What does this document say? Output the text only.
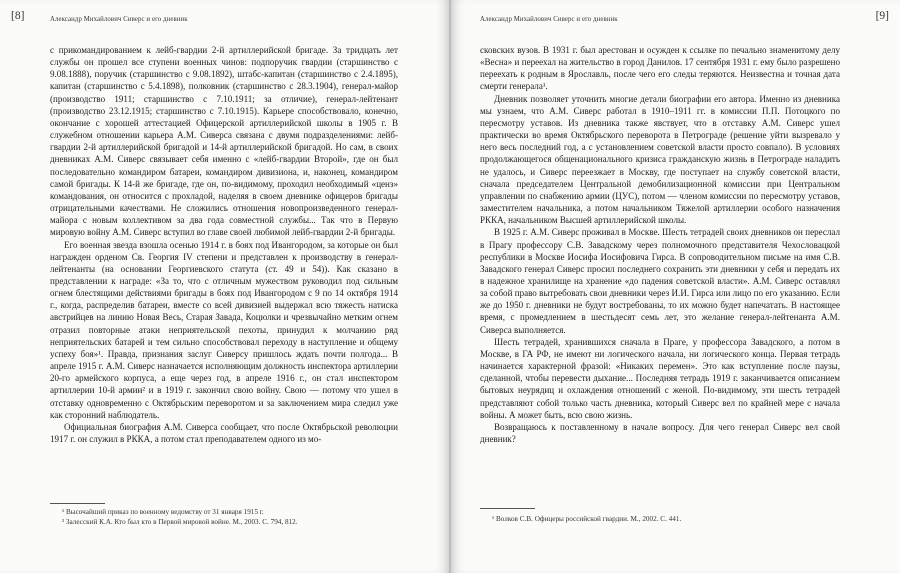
[8]	Александр Михайлович Сиверс и его дневник

с прикомандированием к лейб-гвардии 2-й артиллерийской бригаде. За тридцать лет службы он прошел все ступени военных чинов: подпоручик гвардии (старшинство с 9.08.1888), поручик (старшинство с 9.08.1892), штабс-капитан (старшинство с 2.4.1895), капитан (старшинство с 5.4.1898), полковник (старшинство с 28.3.1904), генерал-майор (производство 1911; старшинство с 7.10.1911; за отличие), генерал-лейтенант (производство 23.12.1915; старшинство с 7.10.1915). Карьере способствовало, конечно, окончание с хорошей аттестацией Офицерской артиллерийской школы в 1905 г. В служебном отношении карьера А.М. Сиверса связана с двумя подразделениями: лейб-гвардии 2-й артиллерийской бригадой и 14-й артиллерийской бригадой. Но сам, в своих дневниках А.М. Сиверс связывает себя именно с «лейб-гвардии Второй», где он был последовательно командиром батареи, командиром дивизиона, и, наконец, командиром самой бригады. К 14-й же бригаде, где он, по-видимому, проходил необходимый «ценз» командования, он относится с прохладой, наделяя в своем дневнике офицеров бригады отрицательными качествами. Не сложились отношения новопроизведенного генерал-майора с новым коллективом за два года совместной службы... Так что в Первую мировую войну А.М. Сиверс вступил во главе своей любимой лейб-гвардии 2-й бригады.

Его военная звезда взошла осенью 1914 г. в боях под Ивангородом, за которые он был награжден орденом Св. Георгия IV степени и представлен к производству в генерал-лейтенанты (на основании Георгиевского статута (ст. 49 и 54)). Как сказано в представлении к награде: «За то, что с отличным мужеством руководил под сильным огнем блестящими действиями бригады в боях под Ивангородом с 9 по 14 октября 1914 г., когда, распределив батареи, вместе со всей дивизией выдержал всю тяжесть натиска австрийцев на линию Новая Весь, Старая Завада, Коцюлки и чрезвычайно метким огнем отразил повторные атаки неприятельской пехоты, принудил к молчанию ряд неприятельских батарей и тем сильно способствовал переходу в наступление и общему успеху боя»¹. Правда, признания заслуг Сиверсу пришлось ждать почти полгода... В апреле 1915 г. А.М. Сиверс назначается исполняющим должность инспектора артиллерии 20-го армейского корпуса, а еще через год, в апреле 1916 г., он стал инспектором артиллерии 10-й армии² и в 1919 г. закончил свою войну. Свою — потому что ушел в отставку одновременно с Октябрьским переворотом и за заключением мира следил уже как сторонний наблюдатель.

Официальная биография А.М. Сиверса сообщает, что после Октябрьской революции 1917 г. он служил в РККА, а потом стал преподавателем одного из мо-

¹ Высочайший приказ по военному ведомству от 31 января 1915 г.

² Залесский К.А. Кто был кто в Первой мировой войне. М., 2003. С. 794, 812.

[9]
Александр Михайлович Сиверс и его дневник

сковских вузов. В 1931 г. был арестован и осужден к ссылке по печально знаменитому делу «Весна» и переехал на жительство в город Данилов. 17 сентября 1931 г. ему было разрешено переехать к родным в Ярославль, после чего его следы теряются. Неизвестна и точная дата смерти генерала¹.

Дневник позволяет уточнить многие детали биографии его автора. Именно из дневника мы узнаем, что А.М. Сиверс работал в 1910–1911 гг. в комиссии П.П. Потоцкого по пересмотру уставов. Из дневника также явствует, что в отставку А.М. Сиверс ушел практически во время Октябрьского переворота в Петрограде (решение уйти вызревало у него весь последний год, а с установлением советской власти просто совпало). В условиях продолжающегося общенационального кризиса гражданскую жизнь в Петрограде наладить не удалось, и Сиверс переезжает в Москву, где поступает на службу советской власти, сначала председателем Центральной демобилизационной комиссии при Центральном управлении по снабжению армии (ЦУС), потом — членом комиссии по пересмотру уставов, заместителем начальника, а потом начальником Тяжелой артиллерии особого назначения РККА, начальником Высшей артиллерийской школы.

В 1925 г. А.М. Сиверс проживал в Москве. Шесть тетрадей своих дневников он переслал в Прагу профессору С.В. Завадскому через полномочного представителя Чехословацкой республики в Москве Иосифа Иосифовича Гирса. В сопроводительном письме на имя С.В. Завадского генерал Сиверс просил последнего сохранить эти дневники у себя и передать их в надежное хранилище на хранение «до падения советской власти». А.М. Сиверс оставлял за собой право вытребовать свои дневники через И.И. Гирса или лицо по его указанию. Если же до 1950 г. дневники не будут востребованы, то их можно будет напечатать. В настоящее время, с промедлением в шестьдесят семь лет, это желание генерал-лейтенанта А.М. Сиверса выполняется.

Шесть тетрадей, хранившихся сначала в Праге, у профессора Завадского, а потом в Москве, в ГА РФ, не имеют ни логического начала, ни логического конца. Первая тетрадь начинается характерной фразой: «Никаких перемен». Это как вступление после паузы, сделанной, чтобы перевести дыхание... Последняя тетрадь 1919 г. заканчивается описанием бытовых неурядиц и охлаждения отношений с женой. По-видимому, эти шесть тетрадей представляют собой только часть дневника, который Сиверс вел по крайней мере с начала войны. А может быть, всю свою жизнь.

Возвращаюсь к поставленному в начале вопросу. Для чего генерал Сиверс вел свой дневник?

¹ Волков С.В. Офицеры российской гвардии. М., 2002. С. 441.
